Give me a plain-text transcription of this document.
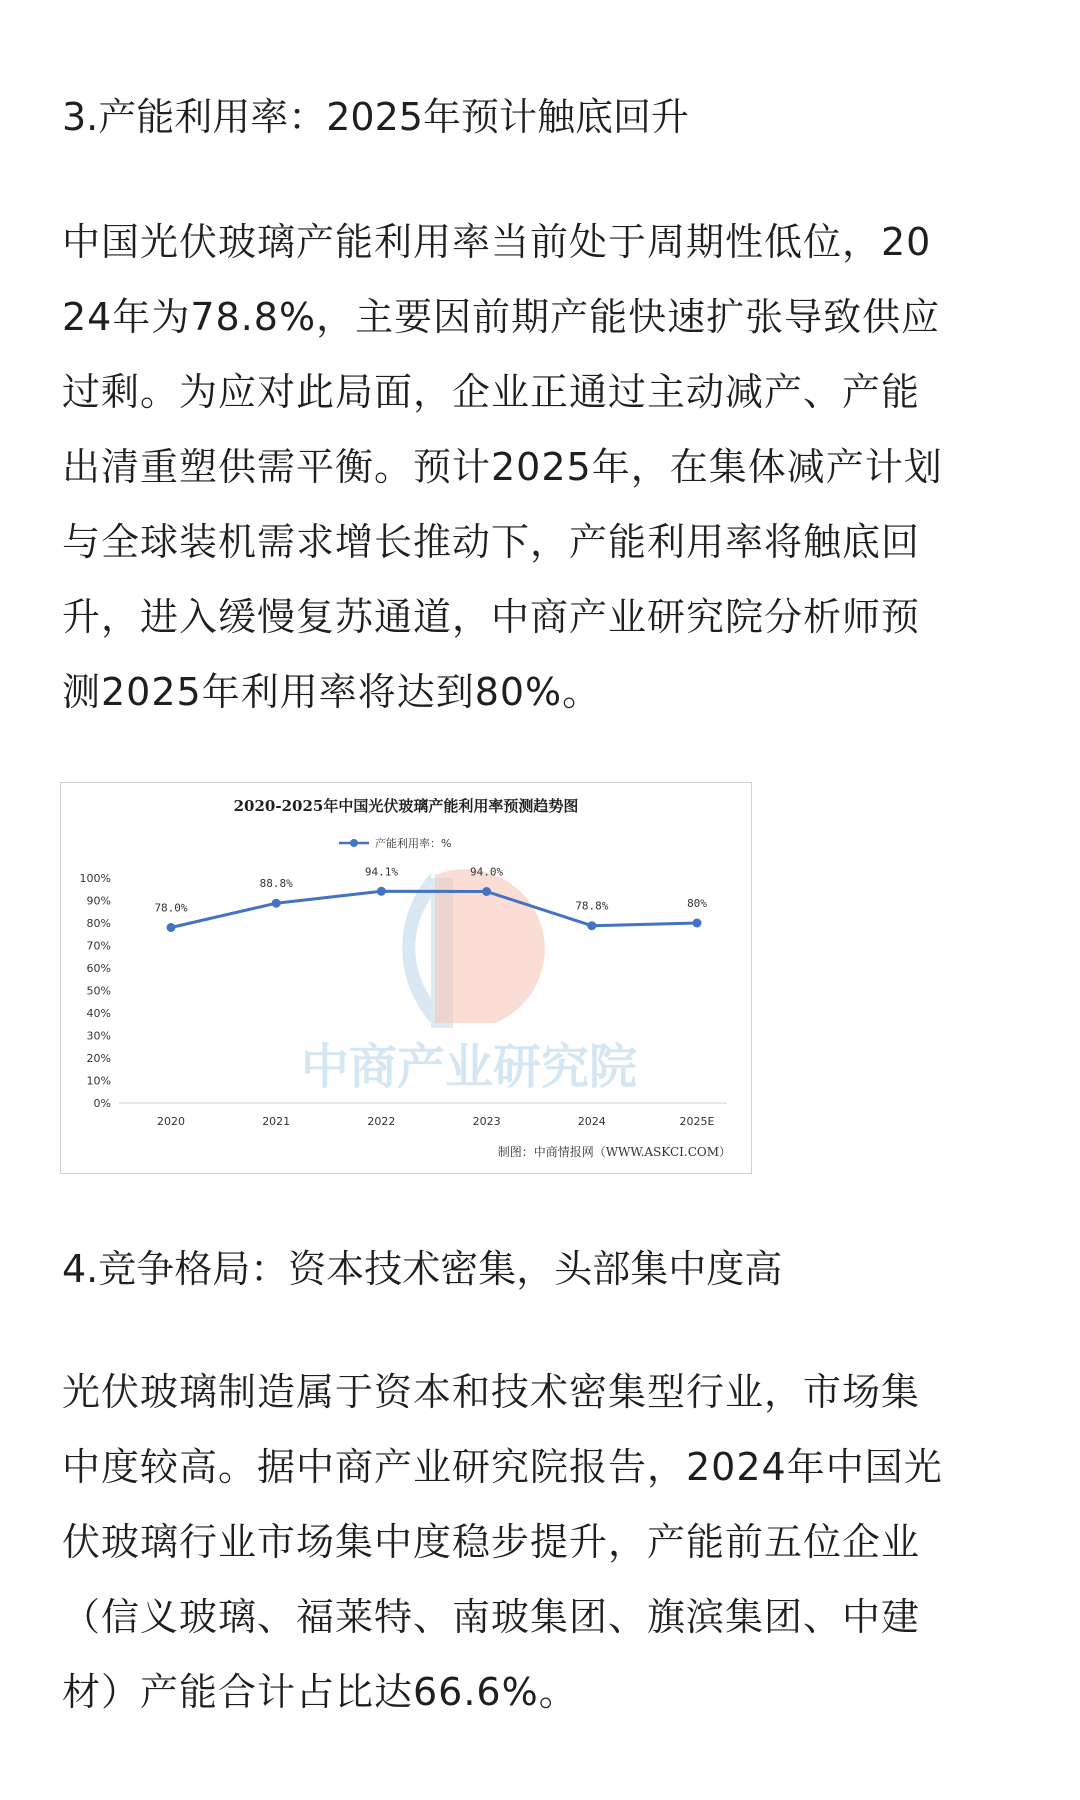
3.产能利用率：2025年预计触底回升
中国光伏玻璃产能利用率当前处于周期性低位，20
24年为78.8%，主要因前期产能快速扩张导致供应
过剩。为应对此局面，企业正通过主动减产、产能
出清重塑供需平衡。预计2025年，在集体减产计划
与全球装机需求增长推动下，产能利用率将触底回
升，进入缓慢复苏通道，中商产业研究院分析师预
测2025年利用率将达到80%。
中商产业研究院
2020-2025年中国光伏玻璃产能利用率预测趋势图
产能利用率：%
0%
10%
20%
30%
40%
50%
60%
70%
80%
90%
100%
2020	2021	2022	2023	2024	2025E
78.0%
88.8%
94.1%	94.0%
78.8%	80%
制图：中商情报网（WWW.ASKCI.COM）
4.竞争格局：资本技术密集，头部集中度高
光伏玻璃制造属于资本和技术密集型行业，市场集
中度较高。据中商产业研究院报告，2024年中国光
伏玻璃行业市场集中度稳步提升，产能前五位企业
（信义玻璃、福莱特、南玻集团、旗滨集团、中建
材）产能合计占比达66.6%。
